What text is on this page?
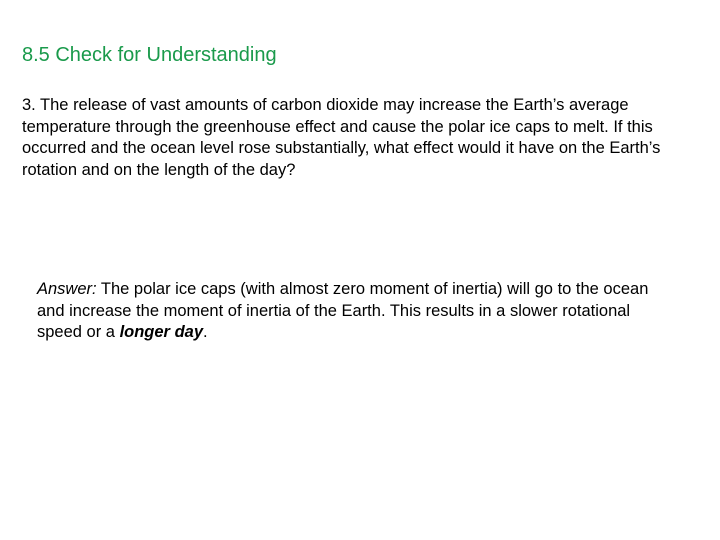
8.5 Check for Understanding

3. The release of vast amounts of carbon dioxide may increase the Earth’s average temperature through the greenhouse effect and cause the polar ice caps to melt. If this occurred and the ocean level rose substantially, what effect would it have on the Earth’s rotation and on the length of the day?

Answer: The polar ice caps (with almost zero moment of inertia) will go to the ocean and increase the moment of inertia of the Earth. This results in a slower rotational speed or a longer day.
